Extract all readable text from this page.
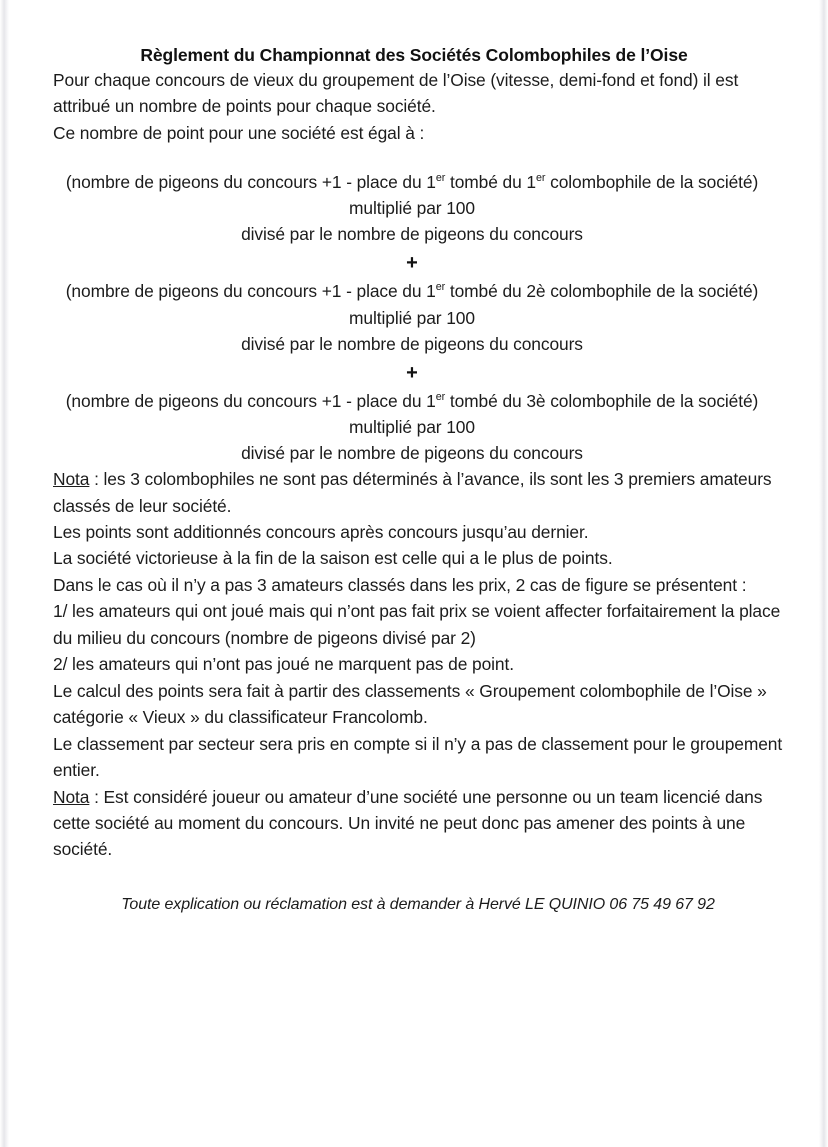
Règlement du Championnat des Sociétés Colombophiles de l’Oise

Pour chaque concours de vieux du groupement de l’Oise (vitesse, demi-fond et fond) il est attribué un nombre de points pour chaque société.
Ce nombre de point pour une société est égal à :

(nombre de pigeons du concours +1 - place du 1er tombé du 1er colombophile de la société) multiplié par 100
divisé par le nombre de pigeons du concours
+
(nombre de pigeons du concours +1 - place du 1er tombé du 2è colombophile de la société) multiplié par 100
divisé par le nombre de pigeons du concours
+
(nombre de pigeons du concours +1 - place du 1er tombé du 3è colombophile de la société) multiplié par 100
divisé par le nombre de pigeons du concours

Nota : les 3 colombophiles ne sont pas déterminés à l’avance, ils sont les 3 premiers amateurs classés de leur société.

Les points sont additionnés concours après concours jusqu’au dernier.

La société victorieuse à la fin de la saison est celle qui a le plus de points.

Dans le cas où il n’y a pas 3 amateurs classés dans les prix, 2 cas de figure se présentent :
1/ les amateurs qui ont joué mais qui n’ont pas fait prix se voient affecter forfaitairement la place du milieu du concours (nombre de pigeons divisé par 2)
2/ les amateurs qui n’ont pas joué ne marquent pas de point.

Le calcul des points sera fait à partir des classements « Groupement colombophile de l’Oise » catégorie « Vieux » du classificateur Francolomb.

Le classement par secteur sera pris en compte si il n’y a pas de classement pour le groupement entier.

Nota : Est considéré joueur ou amateur d’une société une personne ou un team licencié dans cette société au moment du concours. Un invité ne peut donc pas amener des points à une société.

Toute explication ou réclamation est à demander à Hervé LE QUINIO 06 75 49 67 92
